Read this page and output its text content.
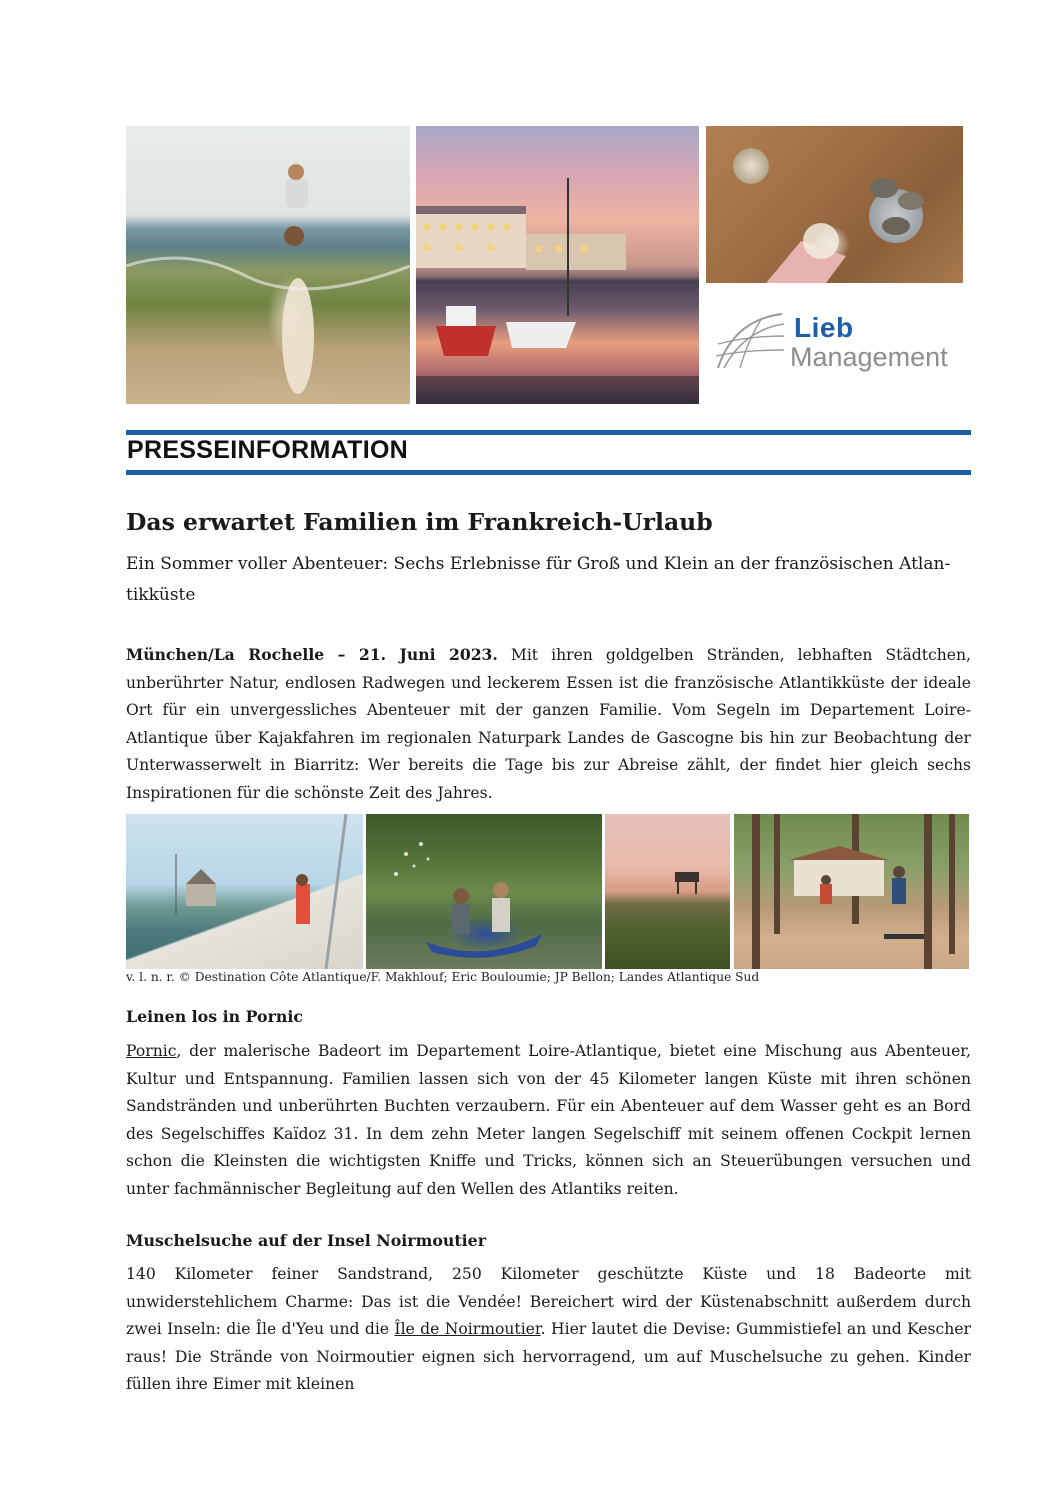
Lieb
Management
PRESSEINFORMATION
Das erwartet Familien im Frankreich-Urlaub
Ein Sommer voller Abenteuer: Sechs Erlebnisse für Groß und Klein an der französischen Atlan-tikküste
München/La Rochelle – 21. Juni 2023. Mit ihren goldgelben Stränden, lebhaften Städtchen, unberührter Natur, endlosen Radwegen und leckerem Essen ist die französische Atlantikküste der ideale Ort für ein unvergessliches Abenteuer mit der ganzen Familie. Vom Segeln im Departement Loire-Atlantique über Kajakfahren im regionalen Naturpark Landes de Gascogne bis hin zur Beobachtung der Unterwasserwelt in Biarritz: Wer bereits die Tage bis zur Abreise zählt, der findet hier gleich sechs Inspirationen für die schönste Zeit des Jahres.
v. l. n. r. © Destination Côte Atlantique/F. Makhlouf; Eric Bouloumie; JP Bellon; Landes Atlantique Sud
Leinen los in Pornic
Pornic, der malerische Badeort im Departement Loire-Atlantique, bietet eine Mischung aus Abenteuer, Kultur und Entspannung. Familien lassen sich von der 45 Kilometer langen Küste mit ihren schönen Sandstränden und unberührten Buchten verzaubern. Für ein Abenteuer auf dem Wasser geht es an Bord des Segelschiffes Kaïdoz 31. In dem zehn Meter langen Segelschiff mit seinem offenen Cockpit lernen schon die Kleinsten die wichtigsten Kniffe und Tricks, können sich an Steuerübungen versuchen und unter fachmännischer Begleitung auf den Wellen des Atlantiks reiten.
Muschelsuche auf der Insel Noirmoutier
140 Kilometer feiner Sandstrand, 250 Kilometer geschützte Küste und 18 Badeorte mit unwiderstehlichem Charme: Das ist die Vendée! Bereichert wird der Küstenabschnitt außerdem durch zwei Inseln: die Île d'Yeu und die Île de Noirmoutier. Hier lautet die Devise: Gummistiefel an und Kescher raus! Die Strände von Noirmoutier eignen sich hervorragend, um auf Muschelsuche zu gehen. Kinder füllen ihre Eimer mit kleinen
